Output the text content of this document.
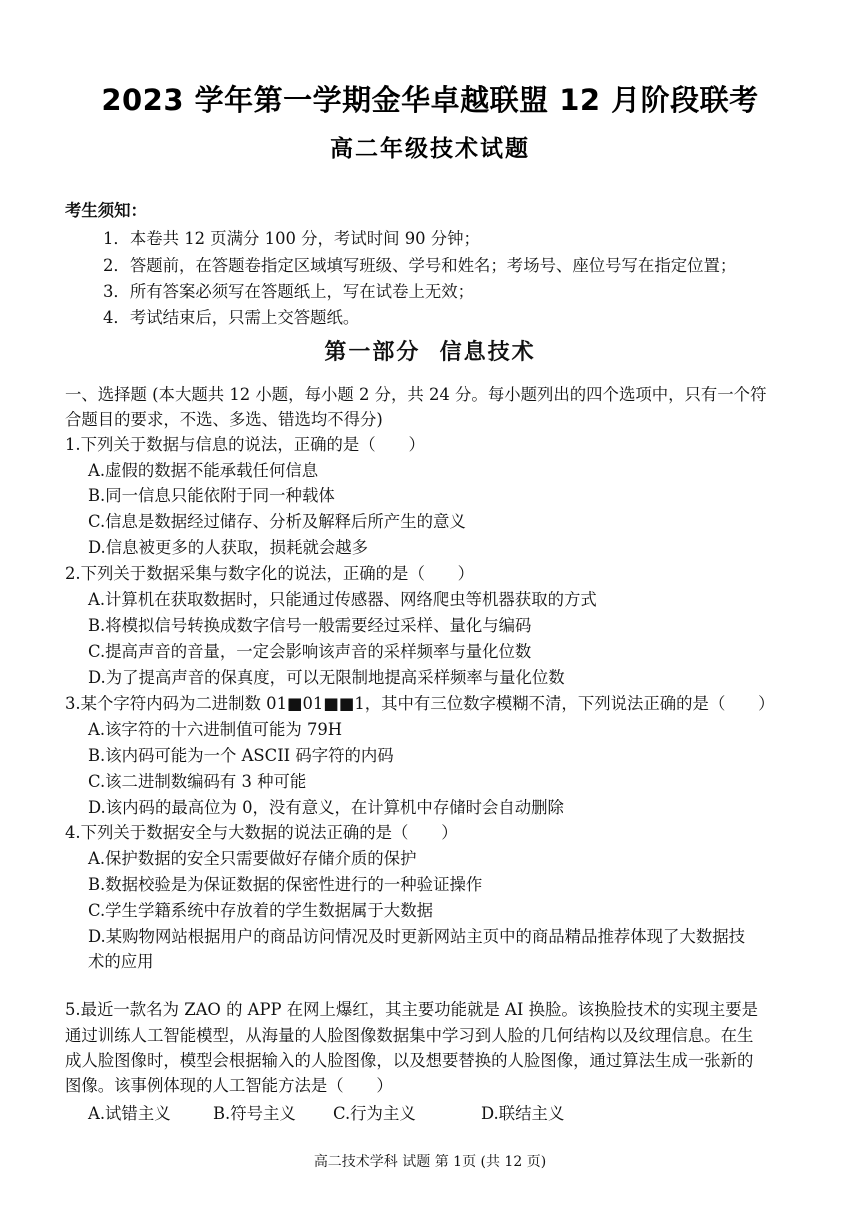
2023 学年第一学期金华卓越联盟 12 月阶段联考
高二年级技术试题
考生须知：
1．本卷共 12 页满分 100 分，考试时间 90 分钟；
2．答题前，在答题卷指定区域填写班级、学号和姓名；考场号、座位号写在指定位置；
3．所有答案必须写在答题纸上，写在试卷上无效；
4．考试结束后，只需上交答题纸。
第一部分  信息技术
一、选择题 (本大题共 12 小题，每小题 2 分，共 24 分。每小题列出的四个选项中，只有一个符
合题目的要求，不选、多选、错选均不得分)
1.下列关于数据与信息的说法，正确的是（　　）
A.虚假的数据不能承载任何信息
B.同一信息只能依附于同一种载体
C.信息是数据经过储存、分析及解释后所产生的意义
D.信息被更多的人获取，损耗就会越多
2.下列关于数据采集与数字化的说法，正确的是（　　）
A.计算机在获取数据时，只能通过传感器、网络爬虫等机器获取的方式
B.将模拟信号转换成数字信号一般需要经过采样、量化与编码
C.提高声音的音量，一定会影响该声音的采样频率与量化位数
D.为了提高声音的保真度，可以无限制地提高采样频率与量化位数
3.某个字符内码为二进制数 01■01■■1，其中有三位数字模糊不清，下列说法正确的是（　　）
A.该字符的十六进制值可能为 79H
B.该内码可能为一个 ASCII 码字符的内码
C.该二进制数编码有 3 种可能
D.该内码的最高位为 0，没有意义，在计算机中存储时会自动删除
4.下列关于数据安全与大数据的说法正确的是（　　）
A.保护数据的安全只需要做好存储介质的保护
B.数据校验是为保证数据的保密性进行的一种验证操作
C.学生学籍系统中存放着的学生数据属于大数据
D.某购物网站根据用户的商品访问情况及时更新网站主页中的商品精品推荐体现了大数据技
术的应用
5.最近一款名为 ZAO 的 APP 在网上爆红，其主要功能就是 AI 换脸。该换脸技术的实现主要是
通过训练人工智能模型，从海量的人脸图像数据集中学习到人脸的几何结构以及纹理信息。在生
成人脸图像时，模型会根据输入的人脸图像，以及想要替换的人脸图像，通过算法生成一张新的
图像。该事例体现的人工智能方法是（　　）
A.试错主义	B.符号主义 C.行为主义	D.联结主义
高二技术学科 试题 第 1页 (共 12 页)
